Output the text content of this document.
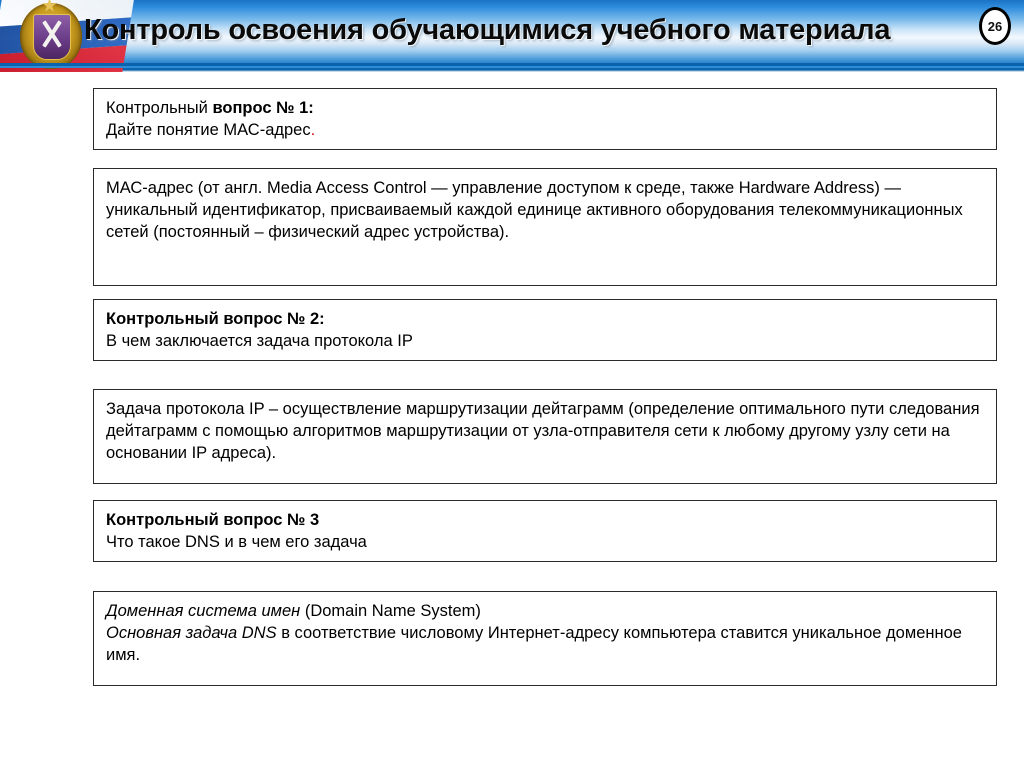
Контроль освоения обучающимися учебного материала	26

Контрольный вопрос № 1:

Дайте понятие МАС-адрес.

МАС-адрес (от англ. Media Access Control — управление доступом к среде, также Hardware Address) — уникальный идентификатор, присваиваемый каждой единице активного оборудования телекоммуникационных сетей (постоянный – физический адрес устройства).

Контрольный вопрос № 2:

В чем заключается задача протокола IP

Задача протокола IP – осуществление маршрутизации дейтаграмм (определение оптимального пути следования дейтаграмм с помощью алгоритмов маршрутизации от узла-отправителя сети к любому другому узлу сети на основании IP адреса).

Контрольный вопрос № 3

Что такое DNS и в чем его задача

Доменная система имен (Domain Name System)

Основная задача DNS в соответствие числовому Интернет-адресу компьютера ставится уникальное доменное имя.
